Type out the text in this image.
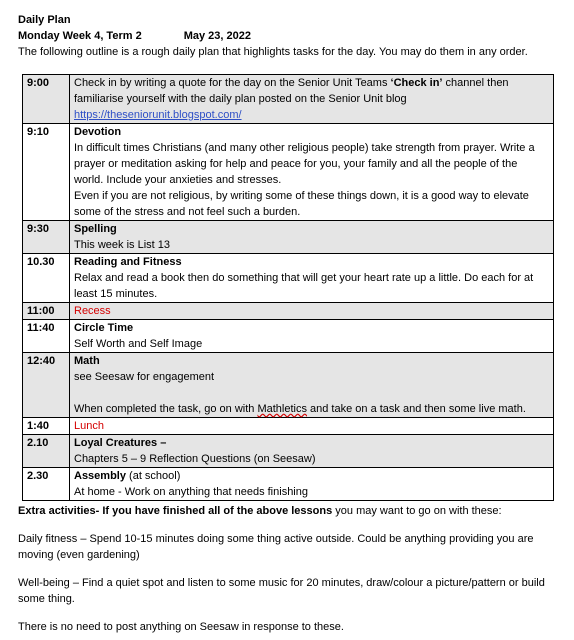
Daily Plan
Monday Week 4, Term 2	May 23, 2022
The following outline is a rough daily plan that highlights tasks for the day. You may do them in any order.
9:00	Check in by writing a quote for the day on the Senior Unit Teams ‘Check in’ channel then
familiarise yourself with the daily plan posted on the Senior Unit blog
https://theseniorunit.blogspot.com/
9:10	Devotion
In difficult times Christians (and many other religious people) take strength from prayer. Write a prayer or meditation asking for help and peace for you, your family and all the people of the world. Include your anxieties and stresses.
Even if you are not religious, by writing some of these things down, it is a good way to elevate some of the stress and not feel such a burden.

9:30	Spelling
This week is List 13

10.30	Reading and Fitness
Relax and read a book then do something that will get your heart rate up a little. Do each for at least 15 minutes.

11:00	Recess
11:40	Circle Time
Self Worth and Self Image

12:40	Math
see Seesaw for engagement
When completed the task, go on with Mathletics and take on a task and then some live math.

1:40	Lunch
2.10	Loyal Creatures –
Chapters 5 – 9 Reflection Questions (on Seesaw)

2.30	Assembly (at school)
At home - Work on anything that needs finishing
Extra activities- If you have finished all of the above lessons you may want to go on with these:
Daily fitness – Spend 10-15 minutes doing some thing active outside. Could be anything providing you are moving (even gardening)
Well-being – Find a quiet spot and listen to some music for 20 minutes, draw/colour a picture/pattern or build some thing.
There is no need to post anything on Seesaw in response to these.
